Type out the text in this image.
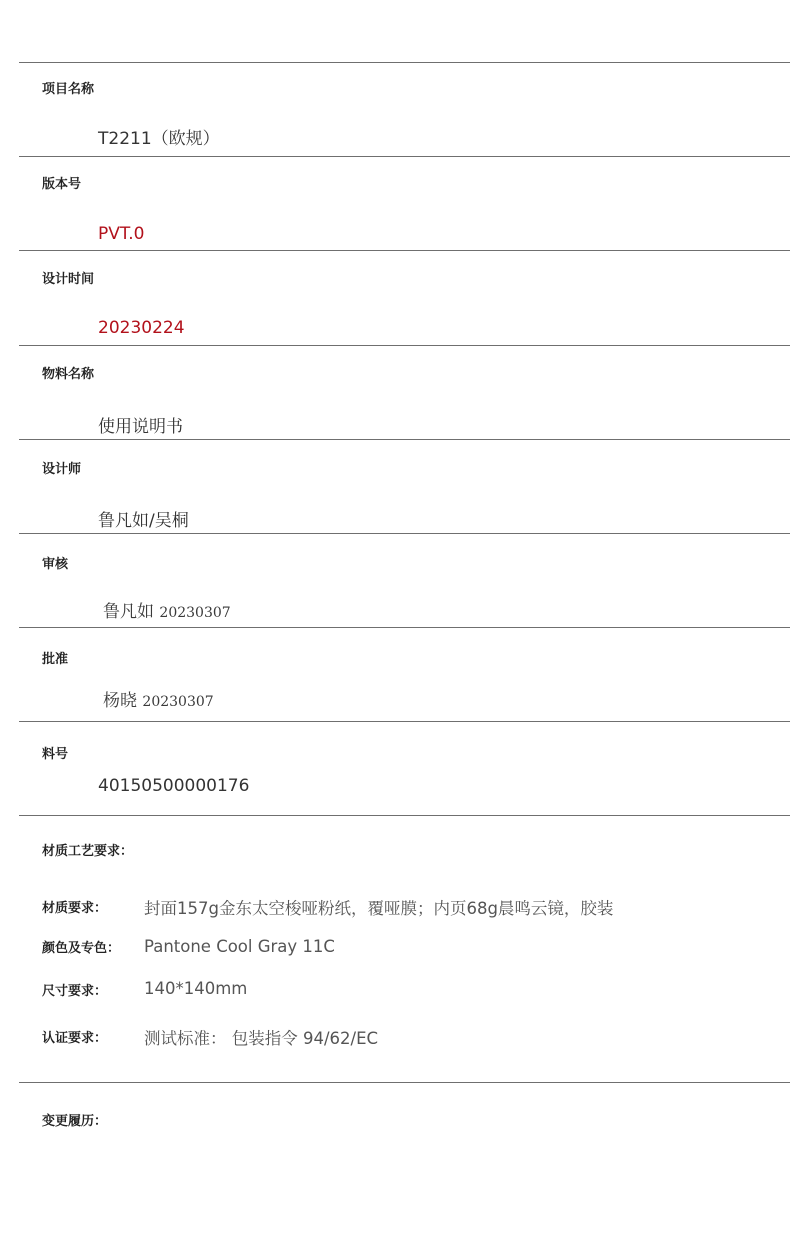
项目名称
T2211（欧规）
版本号
PVT.0
设计时间
20230224
物料名称
使用说明书
设计师
鲁凡如/吴桐
审核
鲁凡如 20230307
批准
杨晓 20230307
料号
40150500000176
材质工艺要求：
材质要求： 封面157g金东太空梭哑粉纸，覆哑膜；内页68g晨鸣云镜，胶装
颜色及专色： Pantone Cool Gray 11C
尺寸要求： 140*140mm
认证要求： 测试标准： 包装指令 94/62/EC
变更履历：
